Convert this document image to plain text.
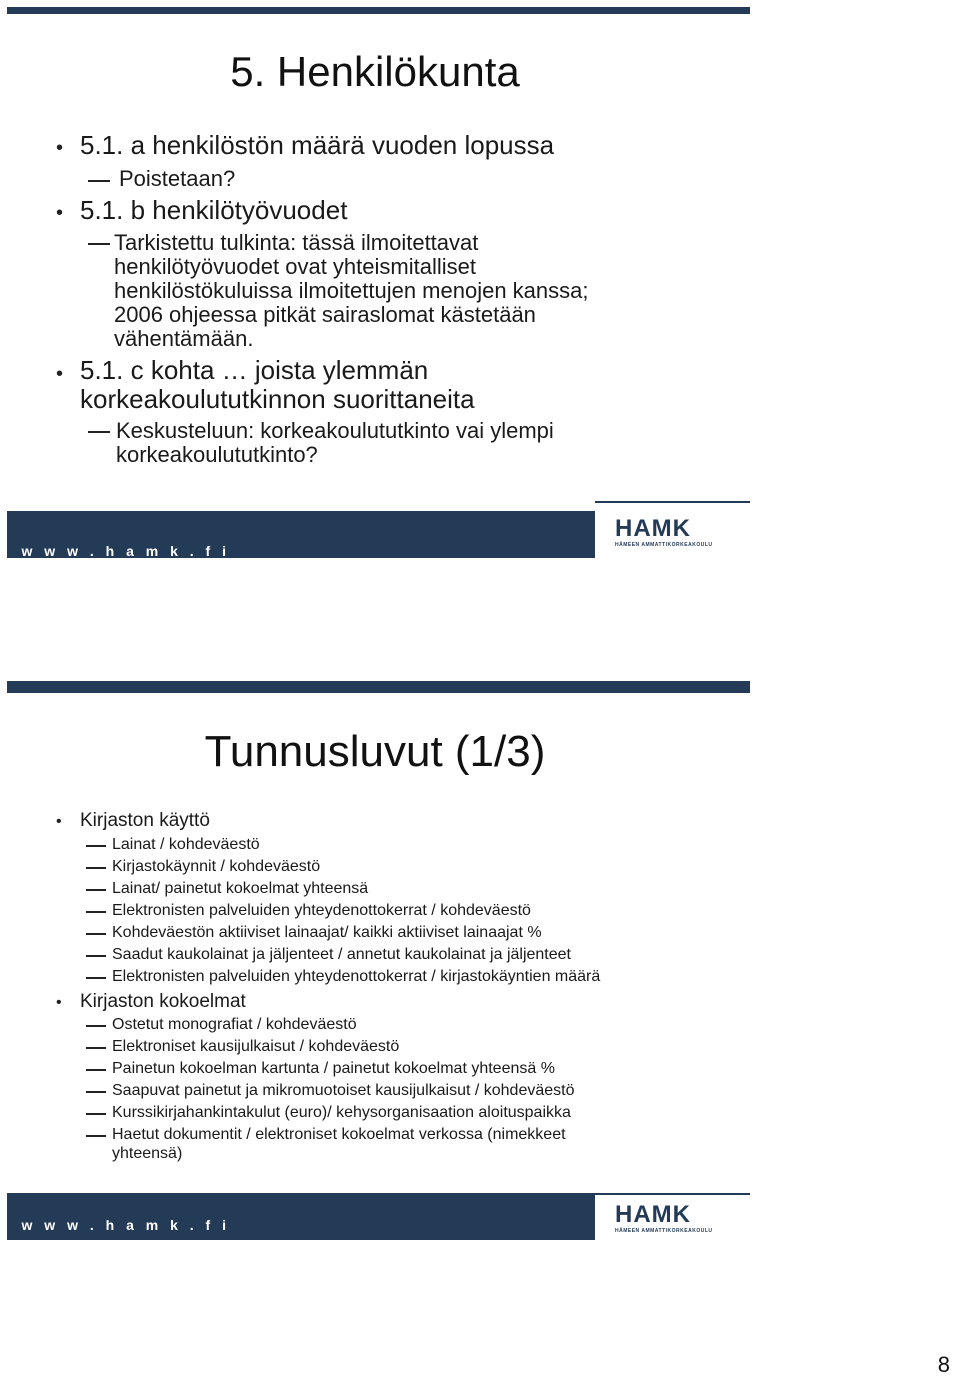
5. Henkilökunta
• 5.1. a henkilöstön määrä vuoden lopussa

Poistetaan?

• 5.1. b henkilötyövuodet

Tarkistettu tulkinta: tässä ilmoitettavat

henkilötyövuodet ovat yhteismitalliset

henkilöstökuluissa ilmoitettujen menojen kanssa;

2006 ohjeessa pitkät sairaslomat kästetään

vähentämään.

• 5.1. c kohta … joista ylemmän

korkeakoulututkinnon suorittaneita

Keskusteluun: korkeakoulututkinto vai ylempi

korkeakoulututkinto?

w w w . h a m k . f i
HAMK
HÄMEEN AMMATTIKORKEAKOULU
Tunnusluvut (1/3)
• Kirjaston käyttö

Lainat / kohdeväestö

Kirjastokäynnit / kohdeväestö

Lainat/ painetut kokoelmat yhteensä

Elektronisten palveluiden yhteydenottokerrat / kohdeväestö

Kohdeväestön aktiiviset lainaajat/ kaikki aktiiviset lainaajat %

Saadut kaukolainat ja jäljenteet / annetut kaukolainat ja jäljenteet

Elektronisten palveluiden yhteydenottokerrat / kirjastokäyntien määrä

• Kirjaston kokoelmat

Ostetut monografiat / kohdeväestö

Elektroniset kausijulkaisut / kohdeväestö

Painetun kokoelman kartunta / painetut kokoelmat yhteensä %

Saapuvat painetut ja mikromuotoiset kausijulkaisut / kohdeväestö

Kurssikirjahankintakulut (euro)/ kehysorganisaation aloituspaikka

Haetut dokumentit / elektroniset kokoelmat verkossa (nimekkeet

yhteensä)

w w w . h a m k . f i	HAMK
HÄMEEN AMMATTIKORKEAKOULU
8
